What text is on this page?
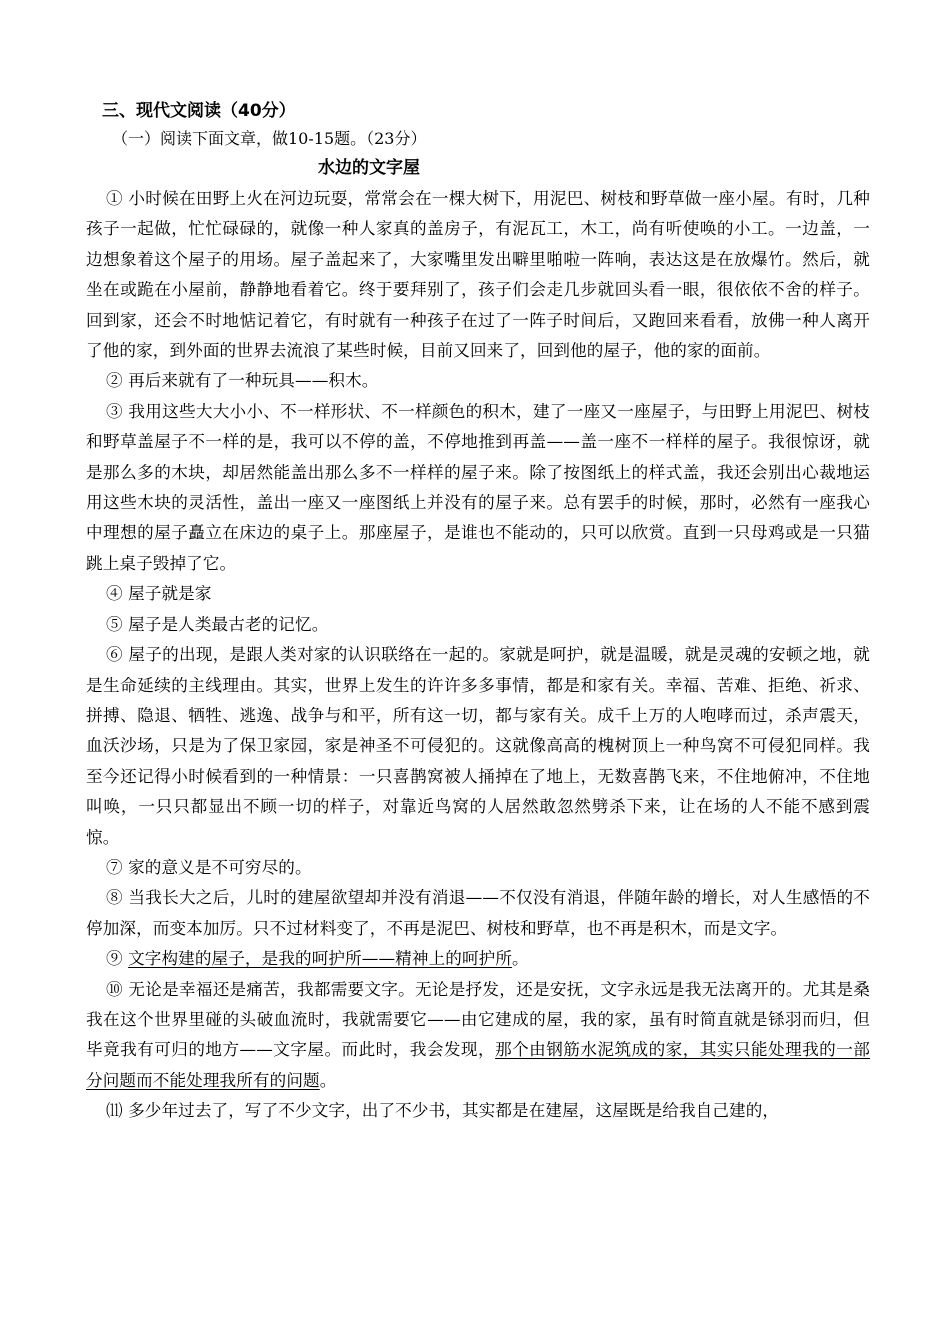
三、现代文阅读（40分）

（一）阅读下面文章，做10-15题。（23分）

水边的文字屋

① 小时候在田野上火在河边玩耍，常常会在一棵大树下，用泥巴、树枝和野草做一座小屋。有时，几种孩子一起做，忙忙碌碌的，就像一种人家真的盖房子，有泥瓦工，木工，尚有听使唤的小工。一边盖，一边想象着这个屋子的用场。屋子盖起来了，大家嘴里发出噼里啪啦一阵响，表达这是在放爆竹。然后，就坐在或跪在小屋前，静静地看着它。终于要拜别了，孩子们会走几步就回头看一眼，很依依不舍的样子。回到家，还会不时地惦记着它，有时就有一种孩子在过了一阵子时间后，又跑回来看看，放佛一种人离开了他的家，到外面的世界去流浪了某些时候，目前又回来了，回到他的屋子，他的家的面前。

② 再后来就有了一种玩具——积木。

③ 我用这些大大小小、不一样形状、不一样颜色的积木，建了一座又一座屋子，与田野上用泥巴、树枝和野草盖屋子不一样的是，我可以不停的盖，不停地推到再盖——盖一座不一样样的屋子。我很惊讶，就是那么多的木块，却居然能盖出那么多不一样样的屋子来。除了按图纸上的样式盖，我还会别出心裁地运用这些木块的灵活性，盖出一座又一座图纸上并没有的屋子来。总有罢手的时候，那时，必然有一座我心中理想的屋子矗立在床边的桌子上。那座屋子，是谁也不能动的，只可以欣赏。直到一只母鸡或是一只猫跳上桌子毁掉了它。

④ 屋子就是家

⑤ 屋子是人类最古老的记忆。

⑥ 屋子的出现，是跟人类对家的认识联络在一起的。家就是呵护，就是温暖，就是灵魂的安顿之地，就是生命延续的主线理由。其实，世界上发生的许许多多事情，都是和家有关。幸福、苦难、拒绝、祈求、拼搏、隐退、牺牲、逃逸、战争与和平，所有这一切，都与家有关。成千上万的人咆哮而过，杀声震天，血沃沙场，只是为了保卫家园，家是神圣不可侵犯的。这就像高高的槐树顶上一种鸟窝不可侵犯同样。我至今还记得小时候看到的一种情景：一只喜鹊窝被人捅掉在了地上，无数喜鹊飞来，不住地俯冲，不住地叫唤，一只只都显出不顾一切的样子，对靠近鸟窝的人居然敢忽然劈杀下来，让在场的人不能不感到震惊。

⑦ 家的意义是不可穷尽的。

⑧ 当我长大之后，儿时的建屋欲望却并没有消退——不仅没有消退，伴随年龄的增长，对人生感悟的不停加深，而变本加厉。只不过材料变了，不再是泥巴、树枝和野草，也不再是积木，而是文字。

⑨ 文字构建的屋子，是我的呵护所——精神上的呵护所。

⑩ 无论是幸福还是痛苦，我都需要文字。无论是抒发，还是安抚，文字永远是我无法离开的。尤其是桑我在这个世界里碰的头破血流时，我就需要它——由它建成的屋，我的家，虽有时简直就是铩羽而归，但毕竟我有可归的地方——文字屋。而此时，我会发现，那个由钢筋水泥筑成的家，其实只能处理我的一部分问题而不能处理我所有的问题。

⑾ 多少年过去了，写了不少文字，出了不少书，其实都是在建屋，这屋既是给我自己建的，
